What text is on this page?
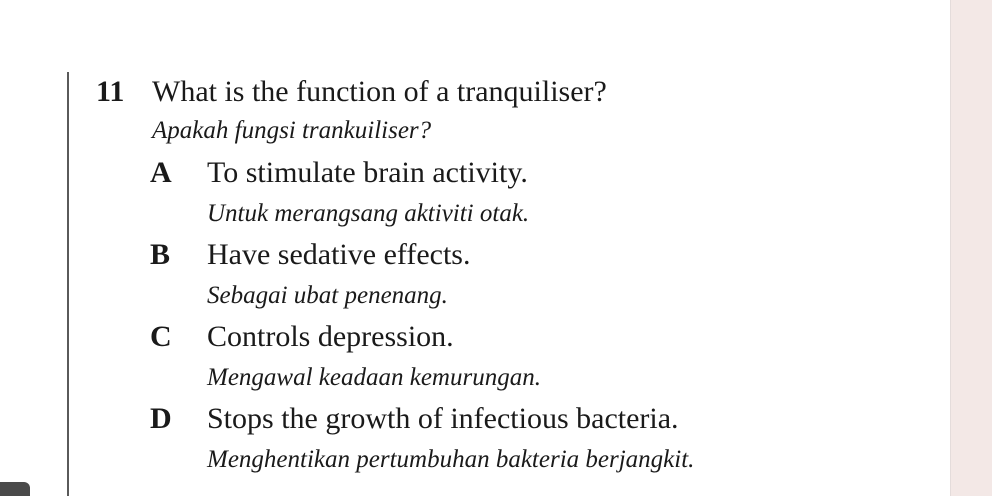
11 What is the function of a tranquiliser?
Apakah fungsi trankuiliser?
A To stimulate brain activity.
Untuk merangsang aktiviti otak.
B Have sedative effects.
Sebagai ubat penenang.
C Controls depression.
Mengawal keadaan kemurungan.
D Stops the growth of infectious bacteria.
Menghentikan pertumbuhan bakteria berjangkit.
